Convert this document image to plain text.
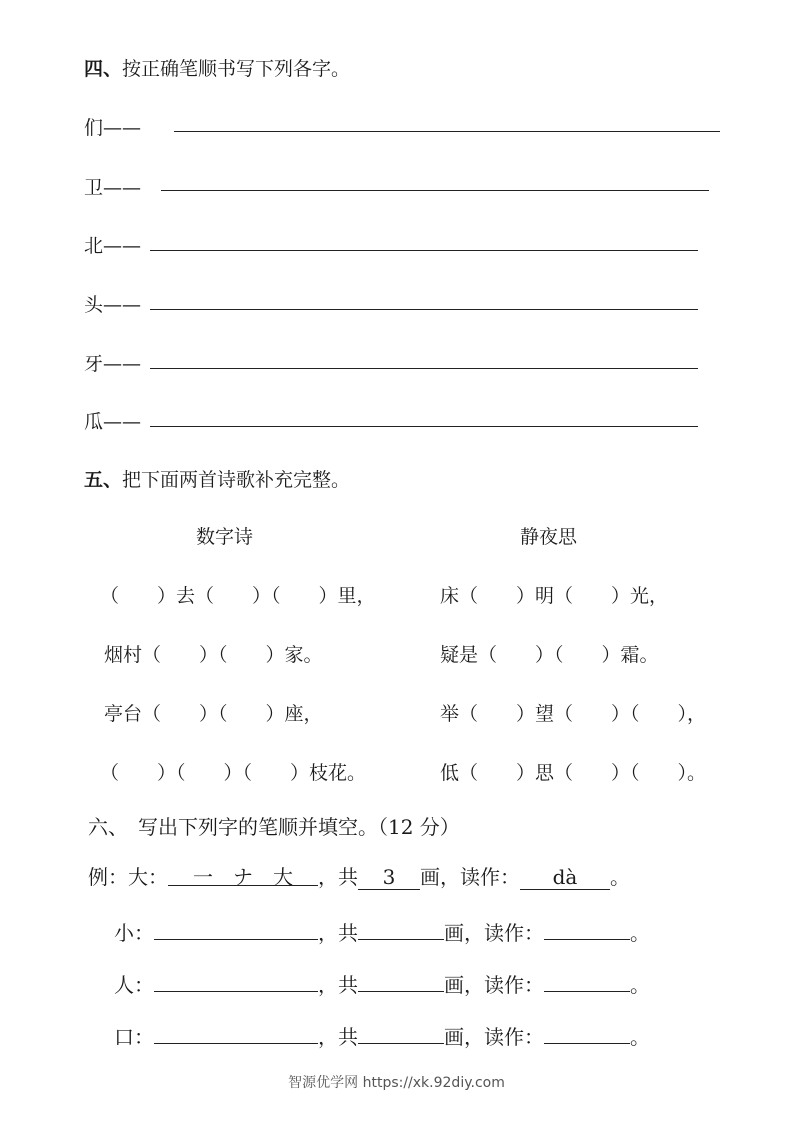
四、按正确笔顺书写下列各字。
们——
卫——
北——
头——
牙——
瓜——
五、把下面两首诗歌补充完整。
数字诗	静夜思
（　　）去（　　）（　　）里，
烟村（　　）（　　）家。
亭台（　　）（　　）座，
（　　）（　　）（　　）枝花。
床（　　）明（　　）光，
疑是（　　）（　　）霜。
举（　　）望（　　）（　　），
低（　　）思（　　）（　　）。
六、　写出下列字的笔顺并填空。（12 分）
例：大： 一　ナ　大 ，共 3 画，读作： dà 。
小：	，共	画，读作：	。
人：	，共	画，读作：	。
口：	，共	画，读作：	。
智源优学网 https://xk.92diy.com
